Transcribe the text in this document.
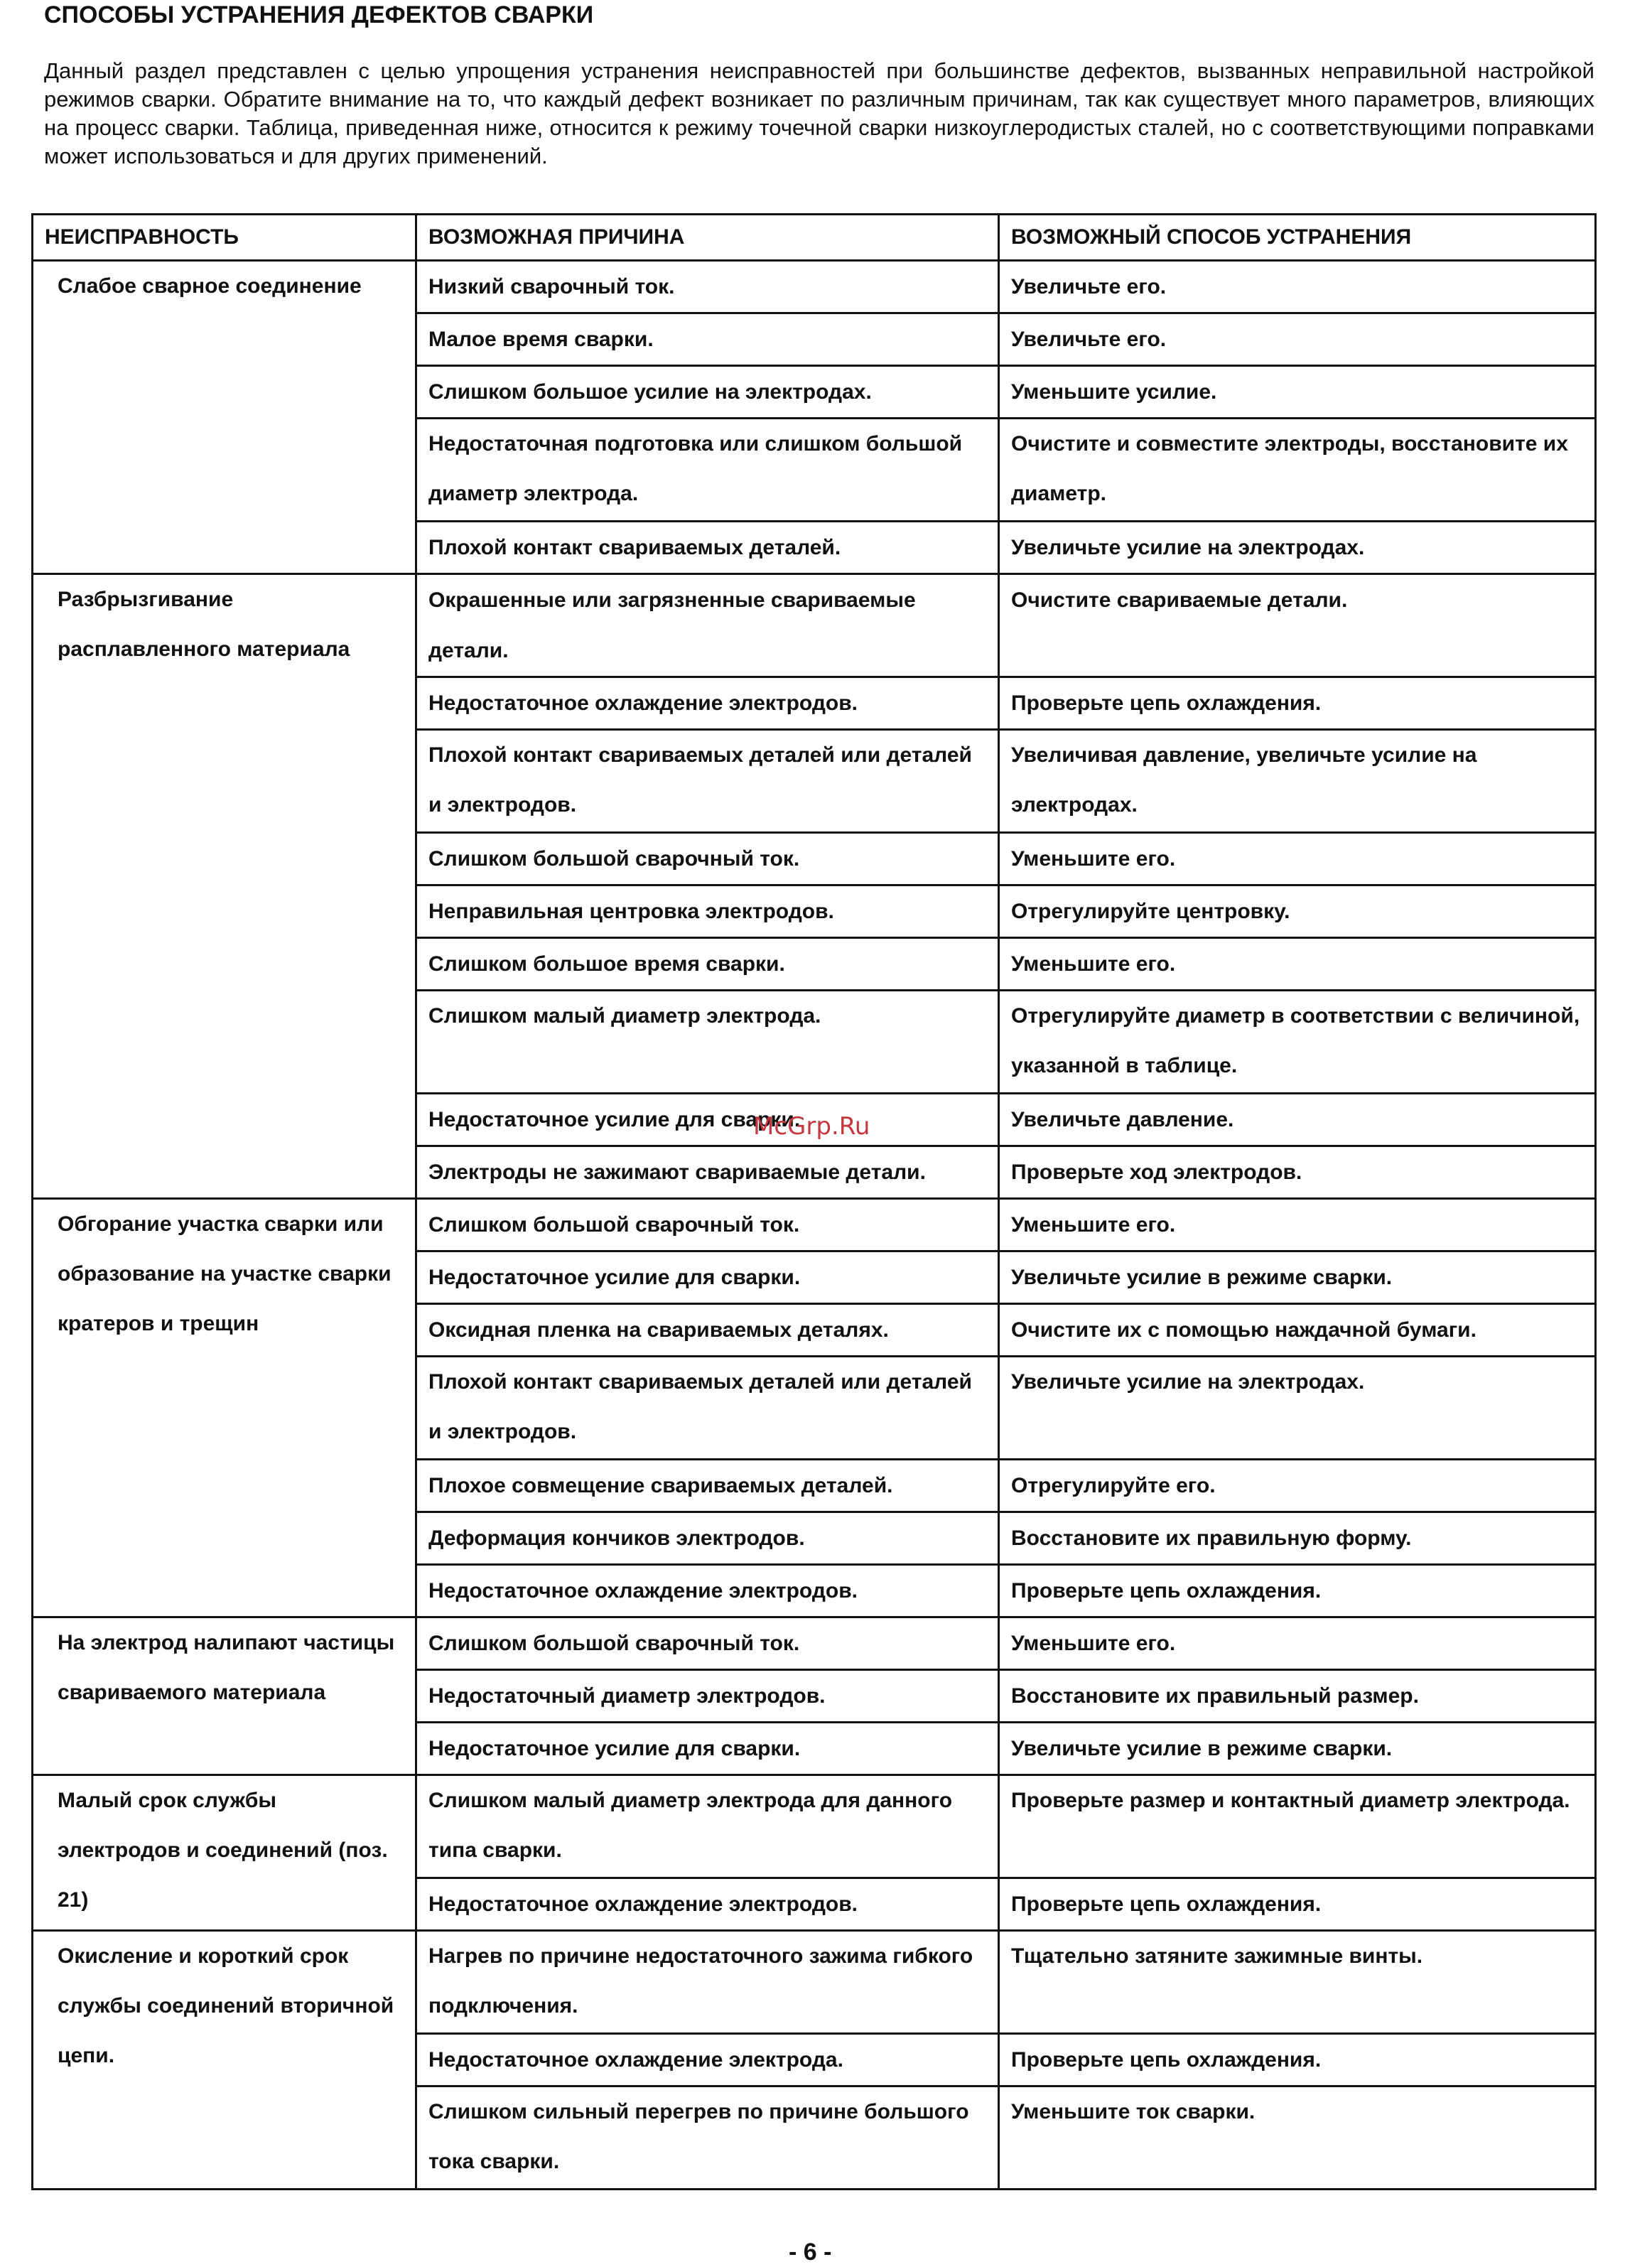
СПОСОБЫ УСТРАНЕНИЯ ДЕФЕКТОВ СВАРКИ
Данный раздел представлен с целью упрощения устранения неисправностей при большинстве дефектов, вызванных неправильной настройкой режимов сварки. Обратите внимание на то, что каждый дефект возникает по различным причинам, так как существует много параметров, влияющих на процесс сварки. Таблица, приведенная ниже, относится к режиму точечной сварки низкоуглеродистых сталей, но с соответствующими поправками может использоваться и для других применений.
НЕИСПРАВНОСТЬ	ВОЗМОЖНАЯ ПРИЧИНА	ВОЗМОЖНЫЙ СПОСОБ УСТРАНЕНИЯ
Слабое сварное соединение	Низкий сварочный ток.	Увеличьте его.
	Малое время сварки.	Увеличьте его.
	Слишком большое усилие на электродах.	Уменьшите усилие.
	Недостаточная подготовка или слишком большой диаметр электрода.	Очистите и совместите электроды, восстановите их диаметр.
	Плохой контакт свариваемых деталей.	Увеличьте усилие на электродах.
Разбрызгивание расплавленного материала	Окрашенные или загрязненные свариваемые детали.	Очистите свариваемые детали.
	Недостаточное охлаждение электродов.	Проверьте цепь охлаждения.
	Плохой контакт свариваемых деталей или деталей и электродов.	Увеличивая давление, увеличьте усилие на электродах.
	Слишком большой сварочный ток.	Уменьшите его.
	Неправильная центровка электродов.	Отрегулируйте центровку.
	Слишком большое время сварки.	Уменьшите его.
	Слишком малый диаметр электрода.	Отрегулируйте диаметр в соответствии с величиной, указанной в таблице.
	Недостаточное усилие для сварки.	Увеличьте давление.
	Электроды не зажимают свариваемые детали.	Проверьте ход электродов.
Обгорание участка сварки или образование на участке сварки кратеров и трещин	Слишком большой сварочный ток.	Уменьшите его.
	Недостаточное усилие для сварки.	Увеличьте усилие в режиме сварки.
	Оксидная пленка на свариваемых деталях.	Очистите их с помощью наждачной бумаги.
	Плохой контакт свариваемых деталей или деталей и электродов.	Увеличьте усилие на электродах.
	Плохое совмещение свариваемых деталей.	Отрегулируйте его.
	Деформация кончиков электродов.	Восстановите их правильную форму.
	Недостаточное охлаждение электродов.	Проверьте цепь охлаждения.
На электрод налипают частицы свариваемого материала	Слишком большой сварочный ток.	Уменьшите его.
	Недостаточный диаметр электродов.	Восстановите их правильный размер.
	Недостаточное усилие для сварки.	Увеличьте усилие в режиме сварки.
Малый срок службы электродов и соединений (поз. 21)	Слишком малый диаметр электрода для данного типа сварки.	Проверьте размер и контактный диаметр электрода.
	Недостаточное охлаждение электродов.	Проверьте цепь охлаждения.
Окисление и короткий срок службы соединений вторичной цепи.	Нагрев по причине недостаточного зажима гибкого подключения.	Тщательно затяните зажимные винты.
	Недостаточное охлаждение электрода.	Проверьте цепь охлаждения.
	Слишком сильный перегрев по причине большого тока сварки.	Уменьшите ток сварки.
McGrp.Ru
- 6 -
